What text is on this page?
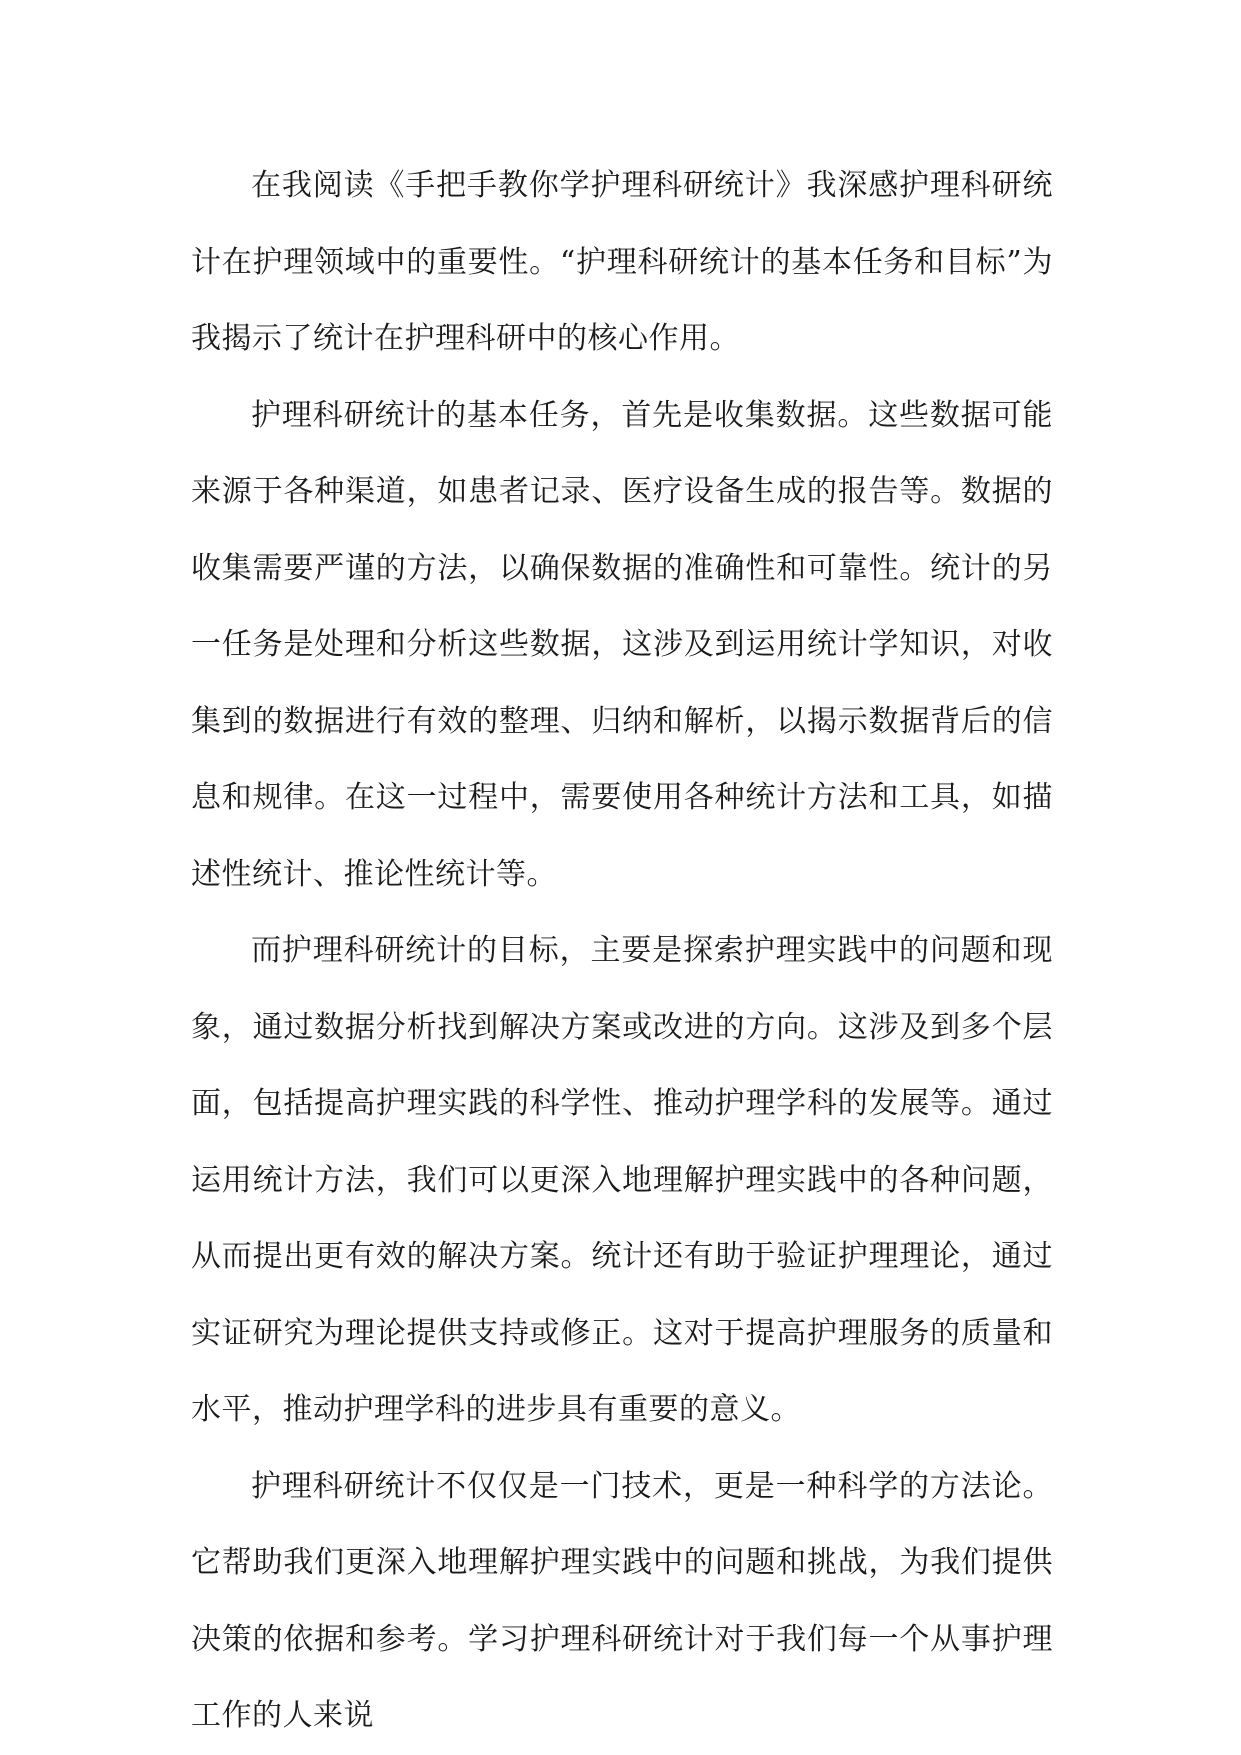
在我阅读《手把手教你学护理科研统计》我深感护理科研统计在护理领域中的重要性。“护理科研统计的基本任务和目标”为我揭示了统计在护理科研中的核心作用。

护理科研统计的基本任务，首先是收集数据。这些数据可能来源于各种渠道，如患者记录、医疗设备生成的报告等。数据的收集需要严谨的方法，以确保数据的准确性和可靠性。统计的另一任务是处理和分析这些数据，这涉及到运用统计学知识，对收集到的数据进行有效的整理、归纳和解析，以揭示数据背后的信息和规律。在这一过程中，需要使用各种统计方法和工具，如描述性统计、推论性统计等。

而护理科研统计的目标，主要是探索护理实践中的问题和现象，通过数据分析找到解决方案或改进的方向。这涉及到多个层面，包括提高护理实践的科学性、推动护理学科的发展等。通过运用统计方法，我们可以更深入地理解护理实践中的各种问题，从而提出更有效的解决方案。统计还有助于验证护理理论，通过实证研究为理论提供支持或修正。这对于提高护理服务的质量和水平，推动护理学科的进步具有重要的意义。

护理科研统计不仅仅是一门技术，更是一种科学的方法论。它帮助我们更深入地理解护理实践中的问题和挑战，为我们提供决策的依据和参考。学习护理科研统计对于我们每一个从事护理工作的人来说
